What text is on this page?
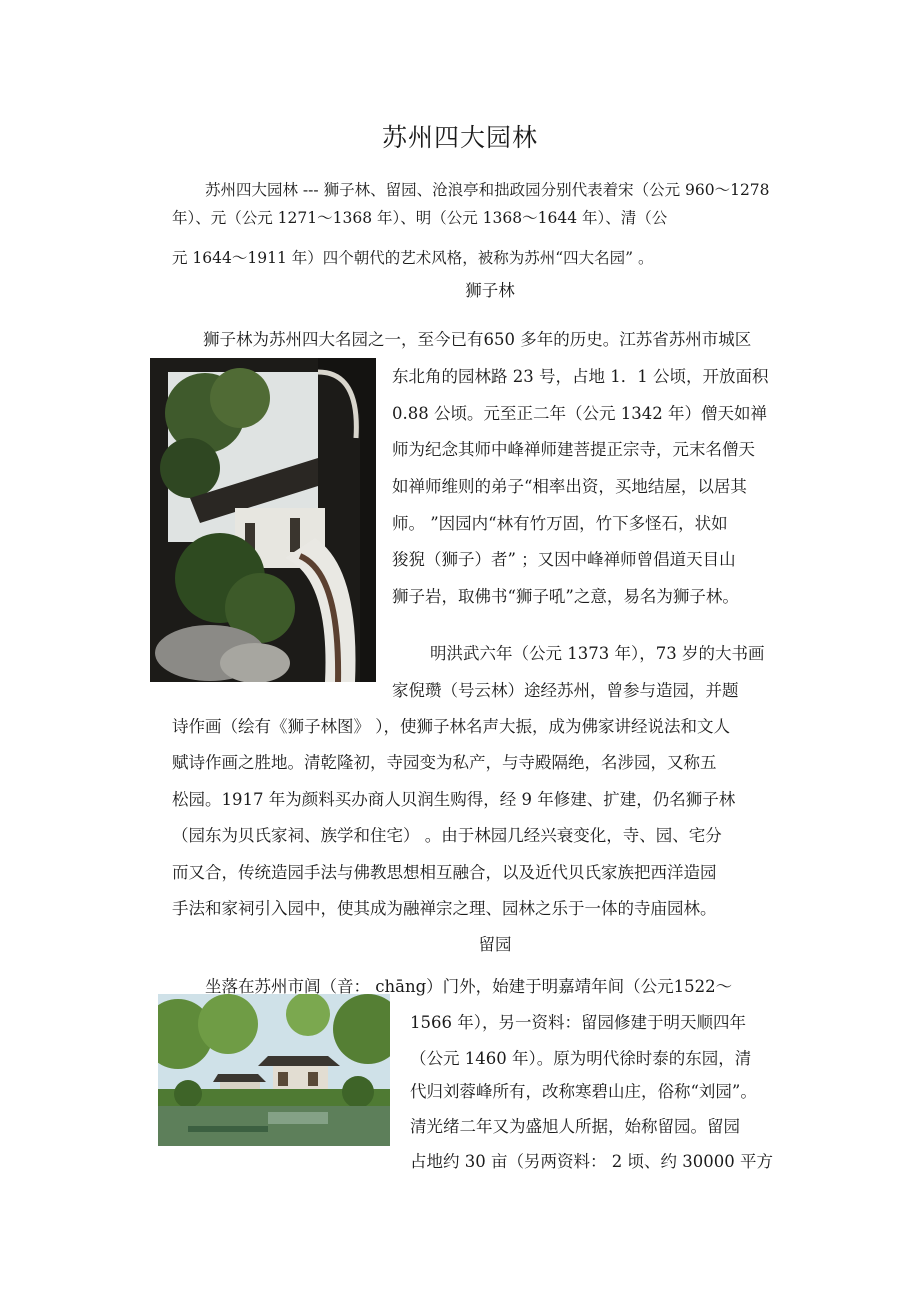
苏州四大园林
苏州四大园林 --- 狮子林、留园、沧浪亭和拙政园分别代表着宋（公元 960～1278
年）、元（公元 1271～1368 年）、明（公元 1368～1644 年）、清（公
元 1644～1911 年）四个朝代的艺术风格，被称为苏州“四大名园” 。
狮子林
狮子林为苏州四大名园之一，至今已有650 多年的历史。江苏省苏州市城区
东北角的园林路 23 号，占地 1．1 公顷，开放面积
0.88 公顷。元至正二年（公元 1342 年）僧天如禅
师为纪念其师中峰禅师建菩提正宗寺，元末名僧天
如禅师维则的弟子“相率出资，买地结屋，以居其
师。 ”因园内“林有竹万固，竹下多怪石，状如
狻猊（狮子）者” ；又因中峰禅师曾倡道天目山
狮子岩，取佛书“狮子吼”之意，易名为狮子林。
明洪武六年（公元 1373 年），73 岁的大书画
家倪瓒（号云林）途经苏州，曾参与造园，并题
诗作画（绘有《狮子林图》 ），使狮子林名声大振，成为佛家讲经说法和文人
赋诗作画之胜地。清乾隆初，寺园变为私产，与寺殿隔绝，名涉园，又称五
松园。1917 年为颜料买办商人贝润生购得，经 9 年修建、扩建，仍名狮子林
（园东为贝氏家祠、族学和住宅） 。由于林园几经兴衰变化，寺、园、宅分
而又合，传统造园手法与佛教思想相互融合，以及近代贝氏家族把西洋造园
手法和家祠引入园中，使其成为融禅宗之理、园林之乐于一体的寺庙园林。
留园
坐落在苏州市阊（音： chāng）门外，始建于明嘉靖年间（公元1522～
1566 年），另一资料：留园修建于明天顺四年
（公元 1460 年）。原为明代徐时泰的东园，清
代归刘蓉峰所有，改称寒碧山庄，俗称“刘园”。
清光绪二年又为盛旭人所据，始称留园。留园
占地约 30 亩（另两资料： 2 顷、约 30000 平方
